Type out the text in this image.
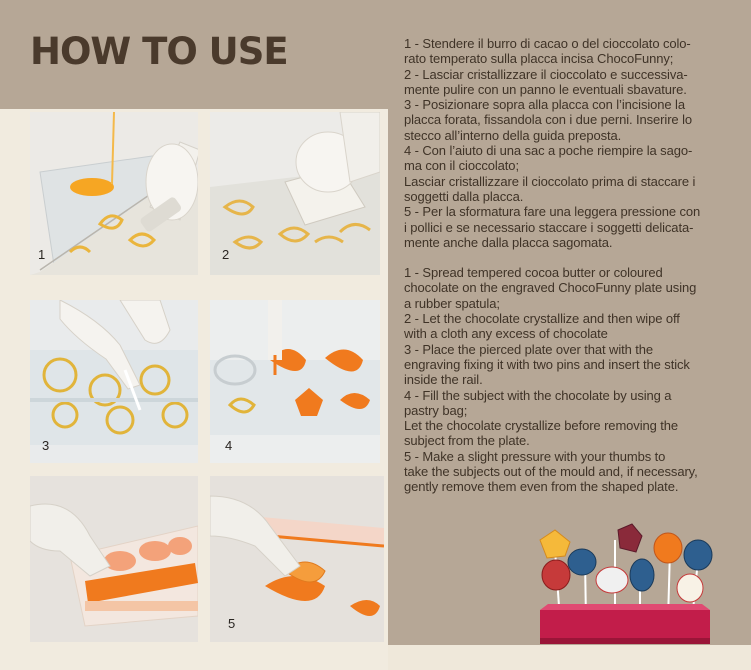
HOW TO USE	1 - Stendere il burro di cacao o del cioccolato colo-

rato temperato sulla placca incisa ChocoFunny;

2 - Lasciar cristallizzare il cioccolato e successiva-

mente pulire con un panno le eventuali sbavature.

3 - Posizionare sopra alla placca con l’incisione la

placca forata, fissandola con i due perni. Inserire lo

stecco all’interno della guida preposta.

4 - Con l’aiuto di una sac a poche riempire la sago-

ma con il cioccolato;

Lasciar cristallizzare il cioccolato prima di staccare i

soggetti dalla placca.

5 - Per la sformatura fare una leggera pressione con

i pollici e se necessario staccare i soggetti delicata-

mente anche dalla placca sagomata.

1 - Spread tempered cocoa butter or coloured

chocolate on the engraved ChocoFunny plate using

a rubber spatula;

2 - Let the chocolate crystallize and then wipe off

with a cloth any excess of chocolate

3 - Place the pierced plate over that with the

engraving fixing it with two pins and insert the stick

inside the rail.

4 - Fill the subject with the chocolate by using a

pastry bag;

Let the chocolate crystallize before removing the

subject from the plate.

5 - Make a slight pressure with your thumbs to

take the subjects out of the mould and, if necessary,

gently remove them even from the shaped plate.

1	2
3	4
5
